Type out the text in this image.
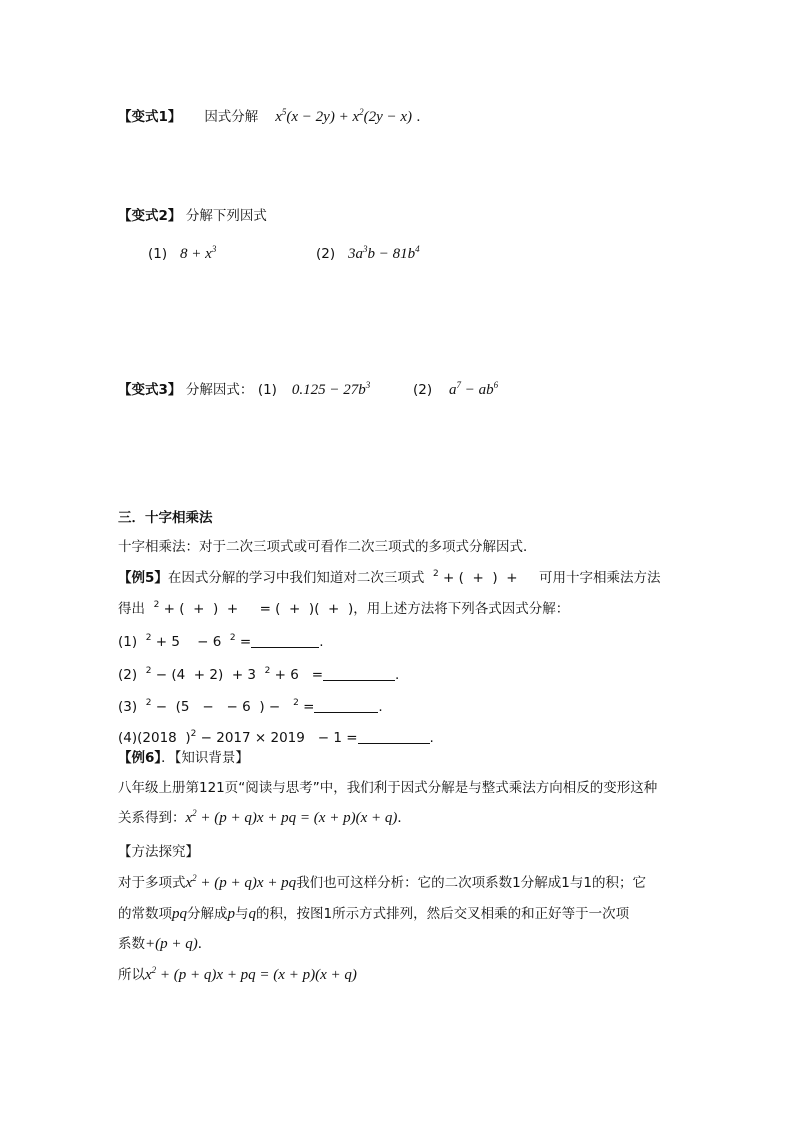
【变式1】 因式分解 $x^5(x - 2y) + x^2(2y - x)$ .
【变式2】 分解下列因式
(1) $8 + x^3$	(2) $3a^3b - 81b^4$
【变式3】 分解因式： (1) $0.125 - 27b^3$	(2) $a^7 - ab^6$
三．十字相乘法
十字相乘法：对于二次三项式或可看作二次三项式的多项式分解因式．
【例5】在因式分解的学习中我们知道对二次三项式  $^2$ + (  +  )  +     可用十字相乘法方法
得出  $^2$ + (  +  )  +     = (  +  )(  +  )，用上述方法将下列各式因式分解：
(1)  $^2$ + 5    − 6  $^2$ =	.
(2)  $^2$ − (4  + 2)  + 3  $^2$ + 6   =	.
(3)  $^2$ −  (5   −   − 6  ) −   $^2$ =	.
(4)(2018  )$^2$ − 2017 × 2019   − 1 =	.
【例6】．【知识背景】
八年级上册第121页“阅读与思考”中，我们利于因式分解是与整式乘法方向相反的变形这种
关系得到：$x^2 + (p + q)x$ + pq = (x + p)(x + q)．
【方法探究】
对于多项式$x^2 + (p + q)x$ + pq我们也可这样分析：它的二次项系数1分解成1与1的积；它
的常数项pq分解成p与q的积，按图1所示方式排列，然后交叉相乘的和正好等于一次项
系数+(p + q)．
所以$x^2 + (p + q)x$ + pq = (x + p)(x + q)
